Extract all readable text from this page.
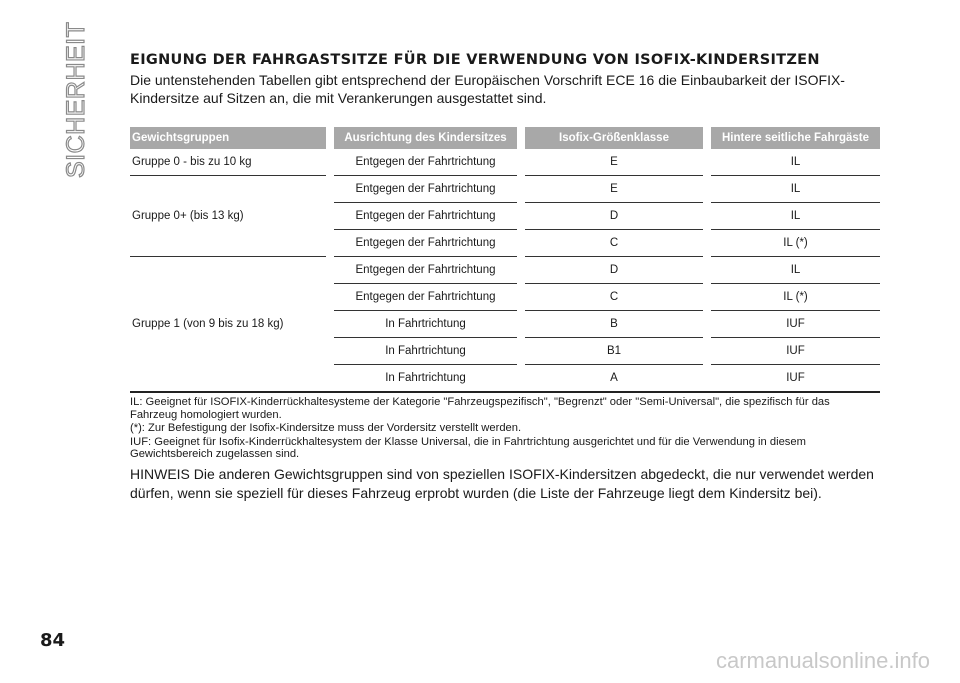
SICHERHEIT	EIGNUNG DER FAHRGASTSITZE FÜR DIE VERWENDUNG VON ISOFIX-KINDERSITZEN

Die untenstehenden Tabellen gibt entsprechend der Europäischen Vorschrift ECE 16 die Einbaubarkeit der ISOFIX-Kindersitze auf Sitzen an, die mit Verankerungen ausgestattet sind.

Gewichtsgruppen		Ausrichtung des Kindersitzes		Isofix-Größenklasse		Hintere seitliche Fahrgäste
Gruppe 0 - bis zu 10 kg		Entgegen der Fahrtrichtung		E		IL
Gruppe 0+ (bis 13 kg)		Entgegen der Fahrtrichtung		E		IL
		Entgegen der Fahrtrichtung		D		IL
		Entgegen der Fahrtrichtung		C		IL (*)
Gruppe 1 (von 9 bis zu 18 kg)		Entgegen der Fahrtrichtung		D		IL
		Entgegen der Fahrtrichtung		C		IL (*)
		In Fahrtrichtung		B		IUF
		In Fahrtrichtung		B1		IUF
		In Fahrtrichtung		A		IUF

IL: Geeignet für ISOFIX-Kinderrückhaltesysteme der Kategorie "Fahrzeugspezifisch", "Begrenzt" oder "Semi-Universal", die spezifisch für das Fahrzeug homologiert wurden.

(*): Zur Befestigung der Isofix-Kindersitze muss der Vordersitz verstellt werden.

IUF: Geeignet für Isofix-Kinderrückhaltesystem der Klasse Universal, die in Fahrtrichtung ausgerichtet und für die Verwendung in diesem Gewichtsbereich zugelassen sind.

HINWEIS Die anderen Gewichtsgruppen sind von speziellen ISOFIX-Kindersitzen abgedeckt, die nur verwendet werden dürfen, wenn sie speziell für dieses Fahrzeug erprobt wurden (die Liste der Fahrzeuge liegt dem Kindersitz bei).

84
carmanualsonline.info
